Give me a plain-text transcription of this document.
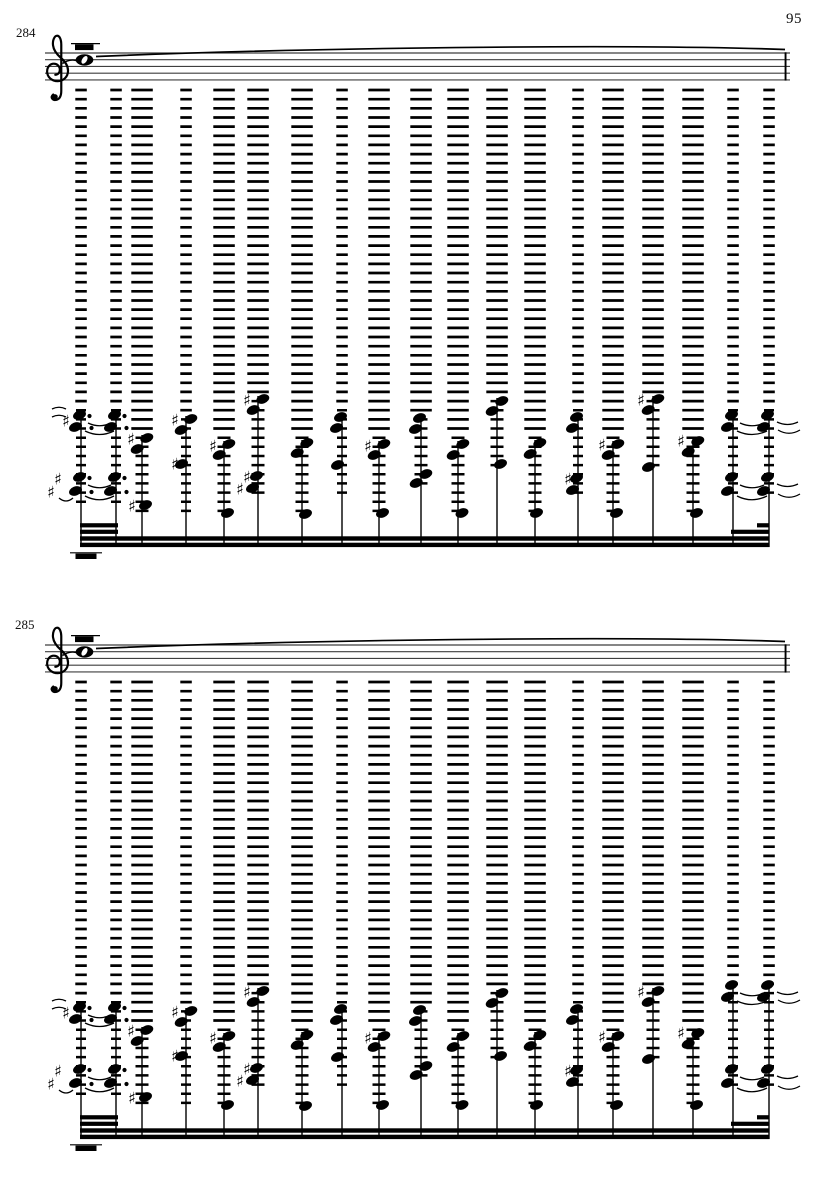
95
284
285
♯
♯
♯
♯
♯
♯
♯
♯
♯
♯
♯
♯
♯
♯
♯
♯
♯
♯
♯
♯
♯
♯
♯
♯
♯
♯
♯
♯
♯
♯
♯
♯
